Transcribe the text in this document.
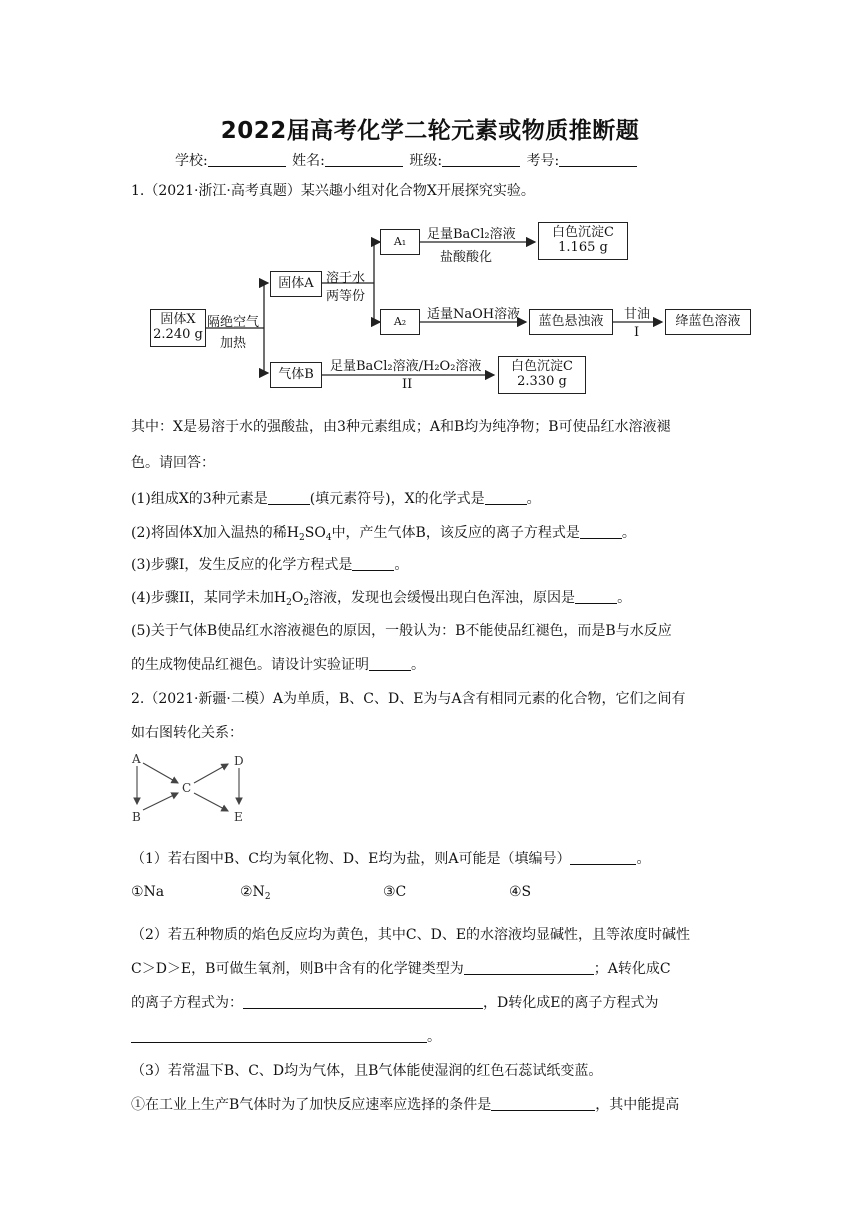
2022届高考化学二轮元素或物质推断题
学校:	姓名:	班级:	考号:
1.（2021·浙江·高考真题）某兴趣小组对化合物X开展探究实验。
固体X
2.240 g
隔绝空气
加热
固体A 溶于水
两等份
A₁	足量BaCl₂溶液
盐酸酸化
白色沉淀C
1.165 g
A₂	适量NaOH溶液	蓝色悬浊液	甘油
I
绛蓝色溶液
气体B
足量BaCl₂溶液/H₂O₂溶液
II
白色沉淀C
2.330 g
其中：X是易溶于水的强酸盐，由3种元素组成；A和B均为纯净物；B可使品红水溶液褪
色。请回答：
(1)组成X的3种元素是	(填元素符号)，X的化学式是	。
(2)将固体X加入温热的稀$H_2SO_4$中，产生气体B，该反应的离子方程式是	。
(3)步骤I，发生反应的化学方程式是	。
(4)步骤II，某同学未加$H_2O_2$溶液，发现也会缓慢出现白色浑浊，原因是	。
(5)关于气体B使品红水溶液褪色的原因，一般认为：B不能使品红褪色，而是B与水反应
的生成物使品红褪色。请设计实验证明	。
2.（2021·新疆·二模）A为单质，B、C、D、E为与A含有相同元素的化合物，它们之间有
如右图转化关系：
A
B
C
D
E
（1）若右图中B、C均为氧化物、D、E均为盐，则A可能是（填编号）	。
①Na	$②N_2$	③C	④S
（2）若五种物质的焰色反应均为黄色，其中C、D、E的水溶液均显碱性，且等浓度时碱性
C＞D＞E，B可做生氧剂，则B中含有的化学键类型为	；A转化成C
的离子方程式为：	，D转化成E的离子方程式为
。
（3）若常温下B、C、D均为气体，且B气体能使湿润的红色石蕊试纸变蓝。
①在工业上生产B气体时为了加快反应速率应选择的条件是	，其中能提高
